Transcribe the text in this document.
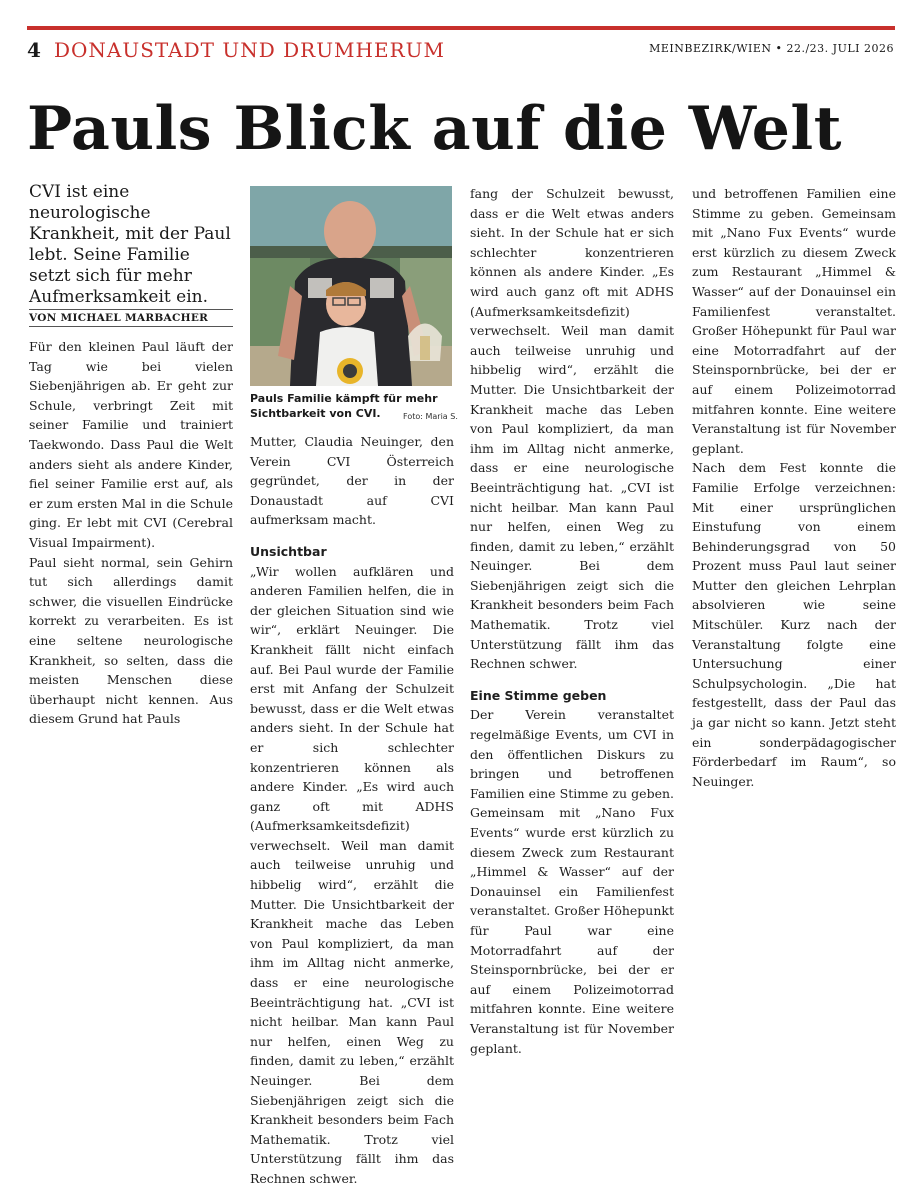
4 DONAUSTADT UND DRUMHERUM	MEINBEZIRK/WIEN • 22./23. JULI 2026
Pauls Blick auf die Welt
CVI ist eine neurologische Krankheit, mit der Paul lebt. Seine Familie setzt sich für mehr Aufmerksamkeit ein.
VON MICHAEL MARBACHER

Für den kleinen Paul läuft der Tag wie bei vielen Siebenjährigen ab. Er geht zur Schule, verbringt Zeit mit seiner Familie und trainiert Taekwondo. Dass Paul die Welt anders sieht als andere Kinder, fiel seiner Familie erst auf, als er zum ersten Mal in die Schule ging. Er lebt mit CVI (Cerebral Visual Impairment).

Paul sieht normal, sein Gehirn tut sich allerdings damit schwer, die visuellen Eindrücke korrekt zu verarbeiten. Es ist eine seltene neurologische Krankheit, so selten, dass die meisten Menschen diese überhaupt nicht kennen. Aus diesem Grund hat Pauls

Pauls Familie kämpft für mehr Sichtbarkeit von CVI.	Foto: Maria S.

Mutter, Claudia Neuinger, den Verein CVI Österreich gegründet, der in der Donaustadt auf CVI aufmerksam macht.

Unsichtbar

„Wir wollen aufklären und anderen Familien helfen, die in der gleichen Situation sind wie wir“, erklärt Neuinger. Die Krankheit fällt nicht einfach auf. Bei Paul wurde der Familie erst mit Anfang der Schulzeit bewusst, dass er die Welt etwas anders sieht. In der Schule hat er sich schlechter konzentrieren können als andere Kinder. „Es wird auch ganz oft mit ADHS (Aufmerksamkeitsdefizit) verwechselt. Weil man damit auch teilweise unruhig und hibbelig wird“, erzählt die Mutter. Die Unsichtbarkeit der Krankheit mache das Leben von Paul kompliziert, da man ihm im Alltag nicht anmerke, dass er eine neurologische Beeinträchtigung hat. „CVI ist nicht heilbar. Man kann Paul nur helfen, einen Weg zu finden, damit zu leben,“ erzählt Neuinger. Bei dem Siebenjährigen zeigt sich die Krankheit besonders beim Fach Mathematik. Trotz viel Unterstützung fällt ihm das Rechnen schwer.

fang der Schulzeit bewusst, dass er die Welt etwas anders sieht. In der Schule hat er sich schlechter konzentrieren können als andere Kinder. „Es wird auch ganz oft mit ADHS (Aufmerksamkeitsdefizit) verwechselt. Weil man damit auch teilweise unruhig und hibbelig wird“, erzählt die Mutter. Die Unsichtbarkeit der Krankheit mache das Leben von Paul kompliziert, da man ihm im Alltag nicht anmerke, dass er eine neurologische Beeinträchtigung hat. „CVI ist nicht heilbar. Man kann Paul nur helfen, einen Weg zu finden, damit zu leben,“ erzählt Neuinger. Bei dem Siebenjährigen zeigt sich die Krankheit besonders beim Fach Mathematik. Trotz viel Unterstützung fällt ihm das Rechnen schwer.

Eine Stimme geben

Der Verein veranstaltet regelmäßige Events, um CVI in den öffentlichen Diskurs zu bringen und betroffenen Familien eine Stimme zu geben. Gemeinsam mit „Nano Fux Events“ wurde erst kürzlich zu diesem Zweck zum Restaurant „Himmel & Wasser“ auf der Donauinsel ein Familienfest veranstaltet. Großer Höhepunkt für Paul war eine Motorradfahrt auf der Steinspornbrücke, bei der er auf einem Polizeimotorrad mitfahren konnte. Eine weitere Veranstaltung ist für November geplant.

und betroffenen Familien eine Stimme zu geben. Gemeinsam mit „Nano Fux Events“ wurde erst kürzlich zu diesem Zweck zum Restaurant „Himmel & Wasser“ auf der Donauinsel ein Familienfest veranstaltet. Großer Höhepunkt für Paul war eine Motorradfahrt auf der Steinspornbrücke, bei der er auf einem Polizeimotorrad mitfahren konnte. Eine weitere Veranstaltung ist für November geplant.

Nach dem Fest konnte die Familie Erfolge verzeichnen: Mit einer ursprünglichen Einstufung von einem Behinderungsgrad von 50 Prozent muss Paul laut seiner Mutter den gleichen Lehrplan absolvieren wie seine Mitschüler. Kurz nach der Veranstaltung folgte eine Untersuchung einer Schulpsychologin. „Die hat festgestellt, dass der Paul das ja gar nicht so kann. Jetzt steht ein sonderpädagogischer Förderbedarf im Raum“, so Neuinger.
